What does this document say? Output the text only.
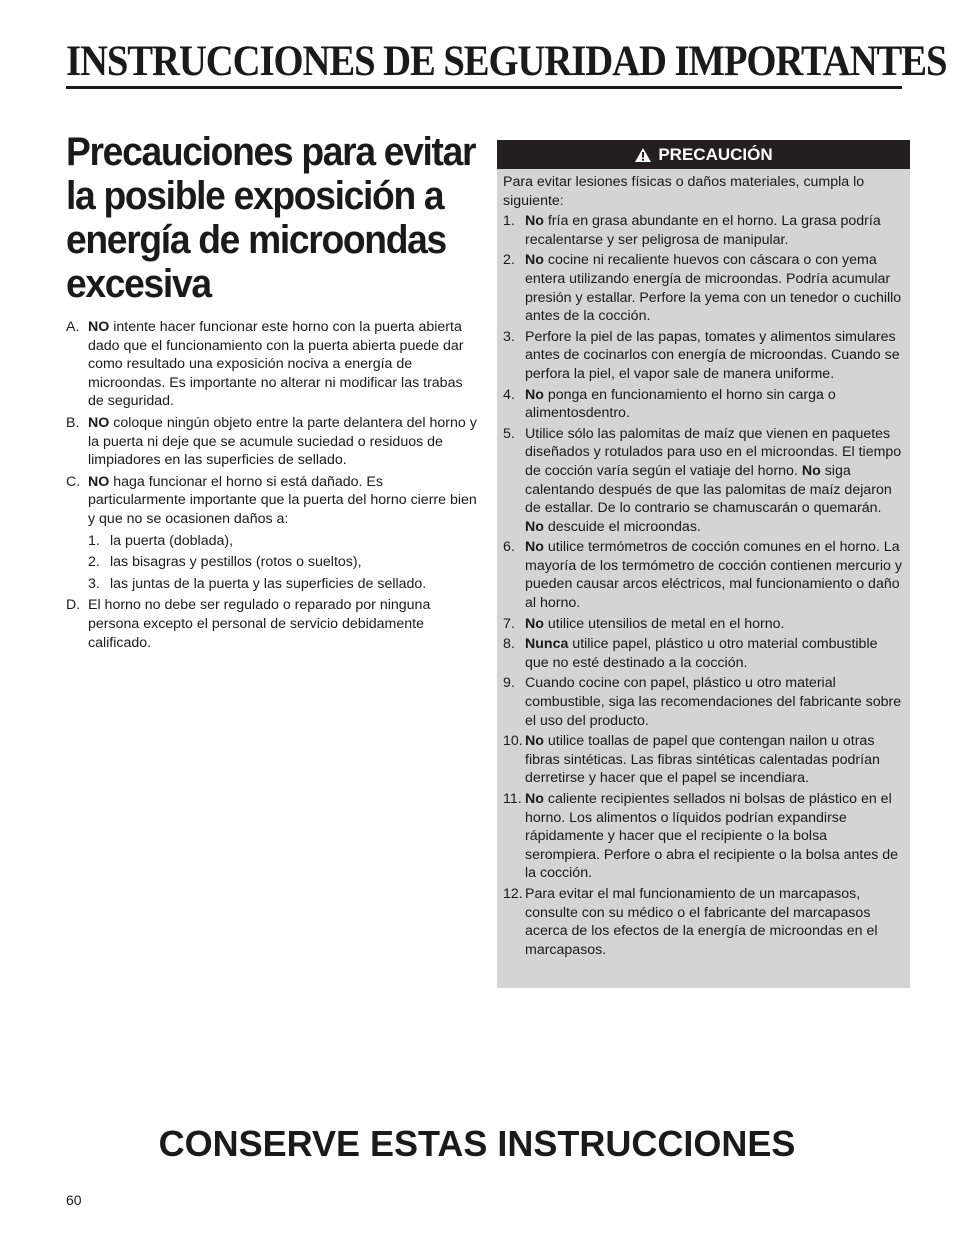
INSTRUCCIONES DE SEGURIDAD IMPORTANTES
Precauciones para evitar la posible exposición a energía de microondas excesiva
A. NO intente hacer funcionar este horno con la puerta abierta dado que el funcionamiento con la puerta abierta puede dar como resultado una exposición nociva a energía de microondas. Es importante no alterar ni modificar las trabas de seguridad.
B. NO coloque ningún objeto entre la parte delantera del horno y la puerta ni deje que se acumule suciedad o residuos de limpiadores en las superficies de sellado.
C. NO haga funcionar el horno si está dañado. Es particularmente importante que la puerta del horno cierre bien y que no se ocasionen daños a:
1. la puerta (doblada),
2. las bisagras y pestillos (rotos o sueltos),
3. las juntas de la puerta y las superficies de sellado.
D. El horno no debe ser regulado o reparado por ninguna persona excepto el personal de servicio debidamente calificado.
PRECAUCIÓN

Para evitar lesiones físicas o daños materiales, cumpla lo siguiente:

1. No fría en grasa abundante en el horno. La grasa podría recalentarse y ser peligrosa de manipular.
2. No cocine ni recaliente huevos con cáscara o con yema entera utilizando energía de microondas. Podría acumular presión y estallar. Perfore la yema con un tenedor o cuchillo antes de la cocción.
3. Perfore la piel de las papas, tomates y alimentos simulares antes de cocinarlos con energía de microondas. Cuando se perfora la piel, el vapor sale de manera uniforme.
4. No ponga en funcionamiento el horno sin carga o alimentosdentro.
5. Utilice sólo las palomitas de maíz que vienen en paquetes diseñados y rotulados para uso en el microondas. El tiempo de cocción varía según el vatiaje del horno. No siga calentando después de que las palomitas de maíz dejaron de estallar. De lo contrario se chamuscarán o quemarán. No descuide el microondas.
6. No utilice termómetros de cocción comunes en el horno. La mayoría de los termómetro de cocción contienen mercurio y pueden causar arcos eléctricos, mal funcionamiento o daño al horno.
7. No utilice utensilios de metal en el horno.
8. Nunca utilice papel, plástico u otro material combustible que no esté destinado a la cocción.
9. Cuando cocine con papel, plástico u otro material combustible, siga las recomendaciones del fabricante sobre el uso del producto.
10. No utilice toallas de papel que contengan nailon u otras fibras sintéticas. Las fibras sintéticas calentadas podrían derretirse y hacer que el papel se incendiara.
11. No caliente recipientes sellados ni bolsas de plástico en el horno. Los alimentos o líquidos podrían expandirse rápidamente y hacer que el recipiente o la bolsa serompiera. Perfore o abra el recipiente o la bolsa antes de la cocción.
12. Para evitar el mal funcionamiento de un marcapasos, consulte con su médico o el fabricante del marcapasos acerca de los efectos de la energía de microondas en el marcapasos.
CONSERVE ESTAS INSTRUCCIONES
60
